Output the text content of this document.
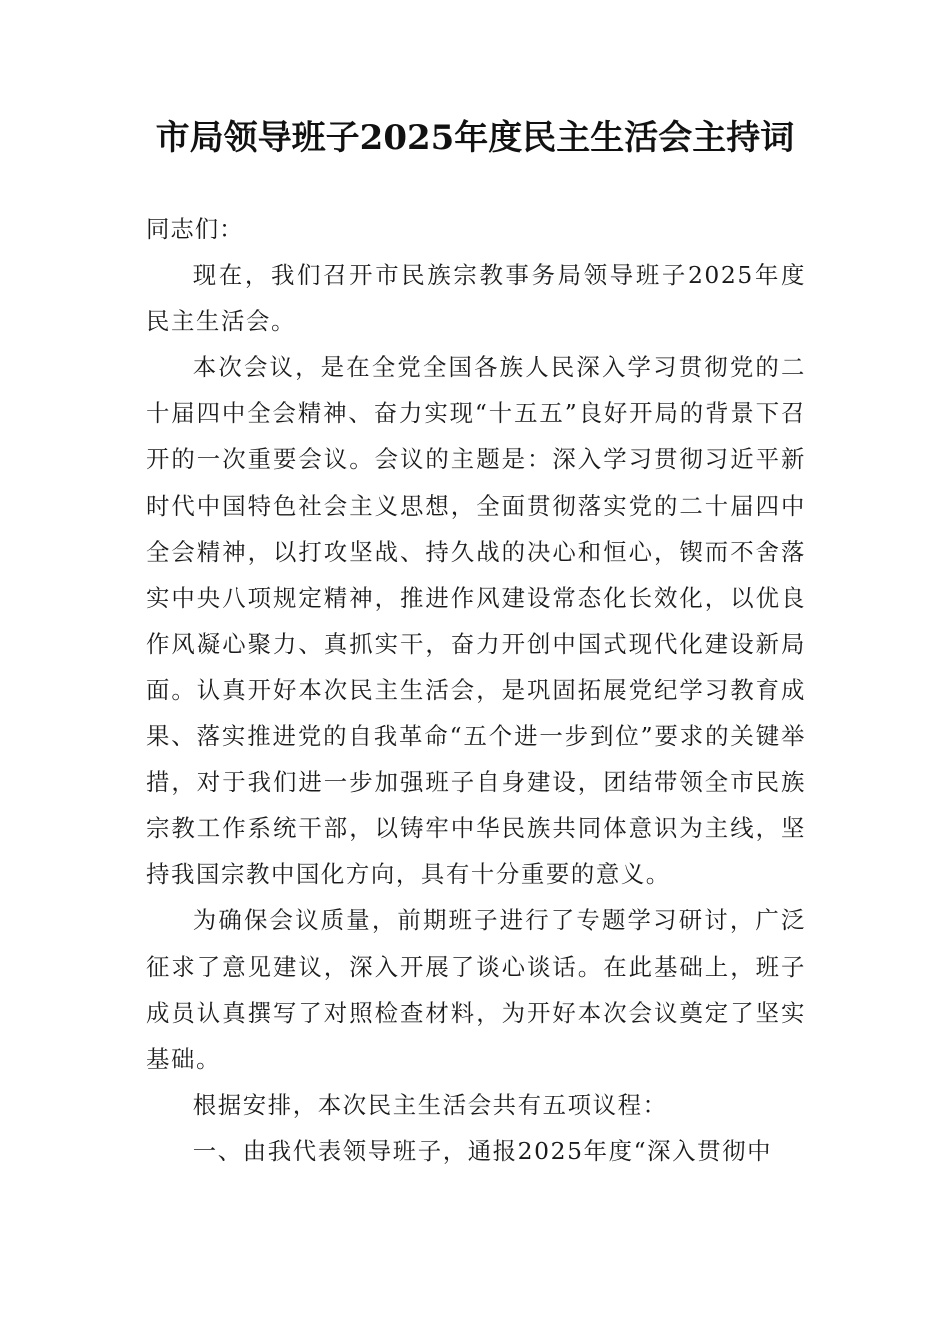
市局领导班子2025年度民主生活会主持词

同志们：

现在，我们召开市民族宗教事务局领导班子2025年度民主生活会。

本次会议，是在全党全国各族人民深入学习贯彻党的二十届四中全会精神、奋力实现“十五五”良好开局的背景下召开的一次重要会议。会议的主题是：深入学习贯彻习近平新时代中国特色社会主义思想，全面贯彻落实党的二十届四中全会精神，以打攻坚战、持久战的决心和恒心，锲而不舍落实中央八项规定精神，推进作风建设常态化长效化，以优良作风凝心聚力、真抓实干，奋力开创中国式现代化建设新局面。认真开好本次民主生活会，是巩固拓展党纪学习教育成果、落实推进党的自我革命“五个进一步到位”要求的关键举措，对于我们进一步加强班子自身建设，团结带领全市民族宗教工作系统干部，以铸牢中华民族共同体意识为主线，坚持我国宗教中国化方向，具有十分重要的意义。

为确保会议质量，前期班子进行了专题学习研讨，广泛征求了意见建议，深入开展了谈心谈话。在此基础上，班子成员认真撰写了对照检查材料，为开好本次会议奠定了坚实基础。

根据安排，本次民主生活会共有五项议程：

一、由我代表领导班子，通报2025年度“深入贯彻中
